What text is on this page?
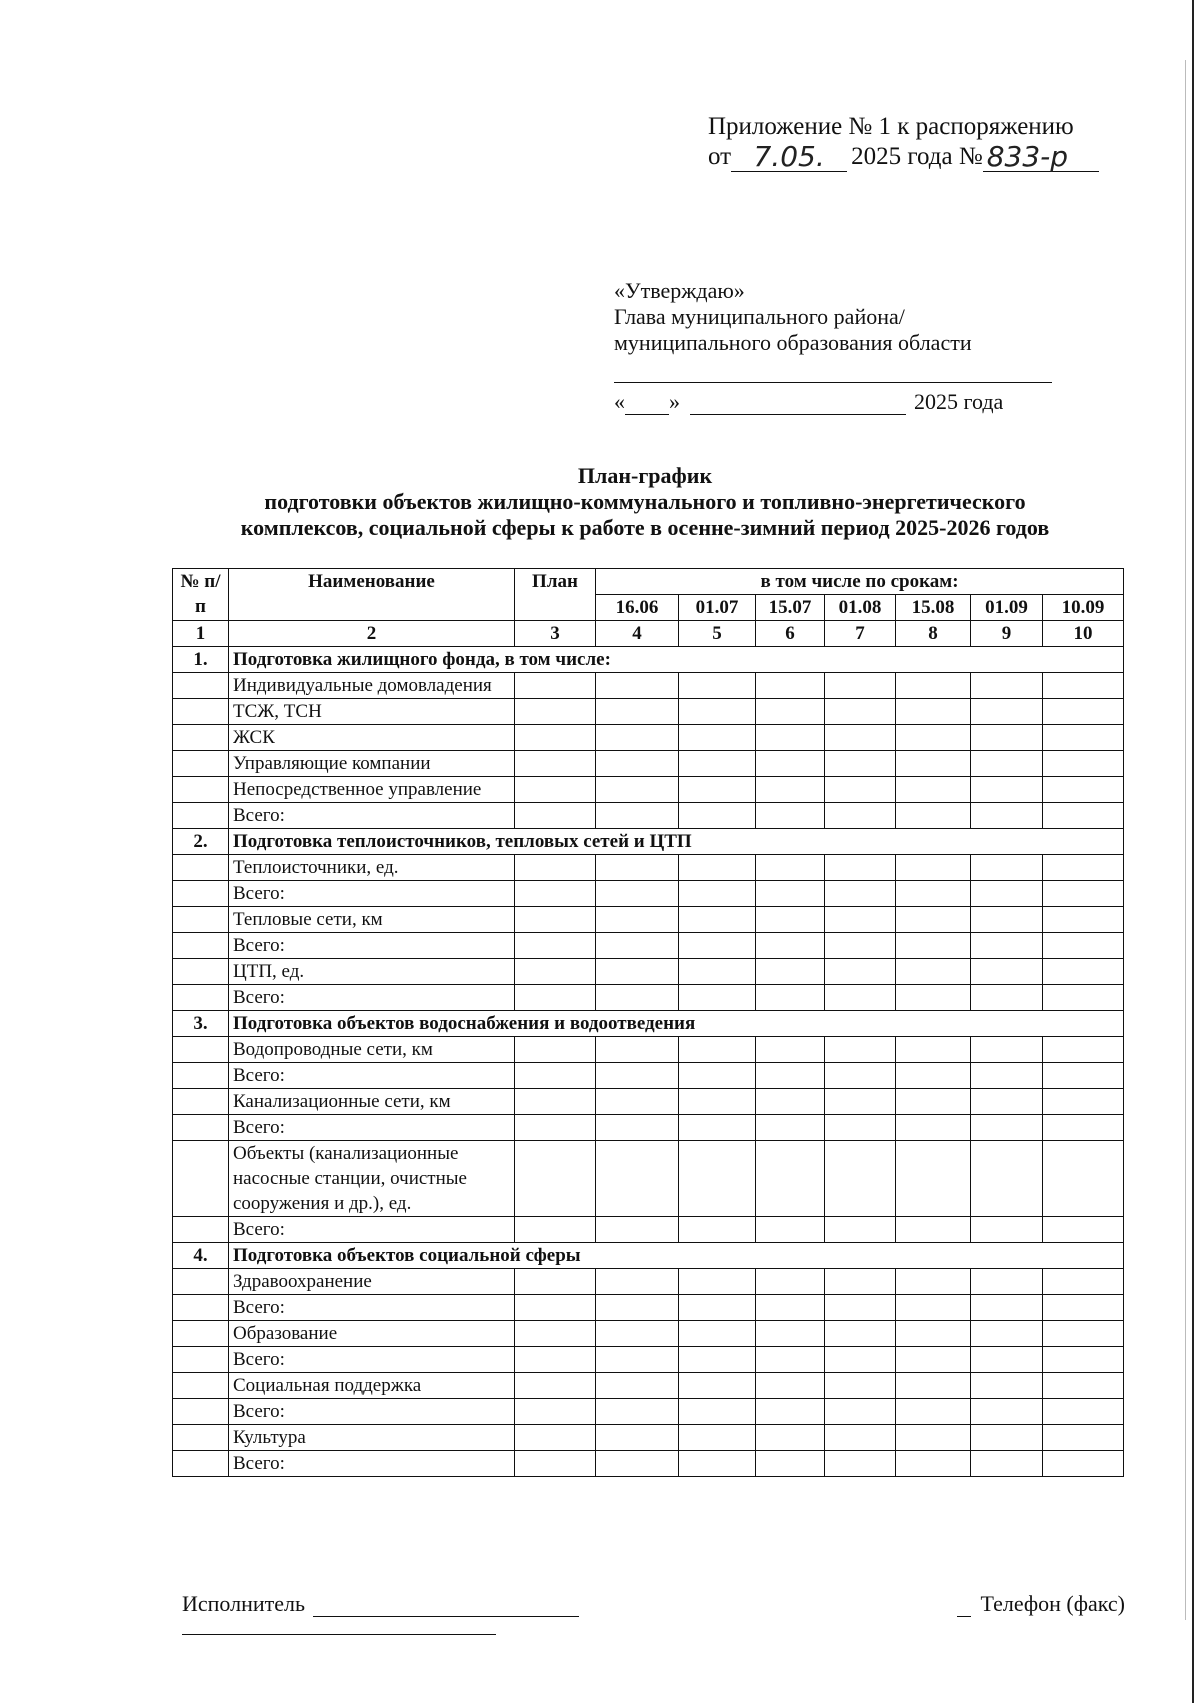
Приложение № 1 к распоряжению
от 7.05.	2025 года № 833-р
«Утверждаю»
Глава муниципального района/
муниципального образования области
« »	2025 года
План-график
подготовки объектов жилищно-коммунального и топливно-энергетического
комплексов, социальной сферы к работе в осенне-зимний период 2025-2026 годов
№ п/п	Наименование	План	в том числе по срокам:						
			16.06	01.07	15.07	01.08	15.08	01.09	10.09
1	2	3	4	5	6	7	8	9	10
1.	Подготовка жилищного фонда, в том числе:								
	Индивидуальные домовладения								
	ТСЖ, ТСН								
	ЖСК								
	Управляющие компании								
	Непосредственное управление								
	Всего:								
2.	Подготовка теплоисточников, тепловых сетей и ЦТП								
	Теплоисточники, ед.								
	Всего:								
	Тепловые сети, км								
	Всего:								
	ЦТП, ед.								
	Всего:								
3.	Подготовка объектов водоснабжения и водоотведения								
	Водопроводные сети, км								
	Всего:								
	Канализационные сети, км								
	Всего:								
	Объекты (канализационные насосные станции, очистные сооружения и др.), ед.								
	Всего:								
4.	Подготовка объектов социальной сферы								
	Здравоохранение								
	Всего:								
	Образование								
	Всего:								
	Социальная поддержка								
	Всего:								
	Культура								
	Всего:								
Исполнитель	Телефон (факс)
